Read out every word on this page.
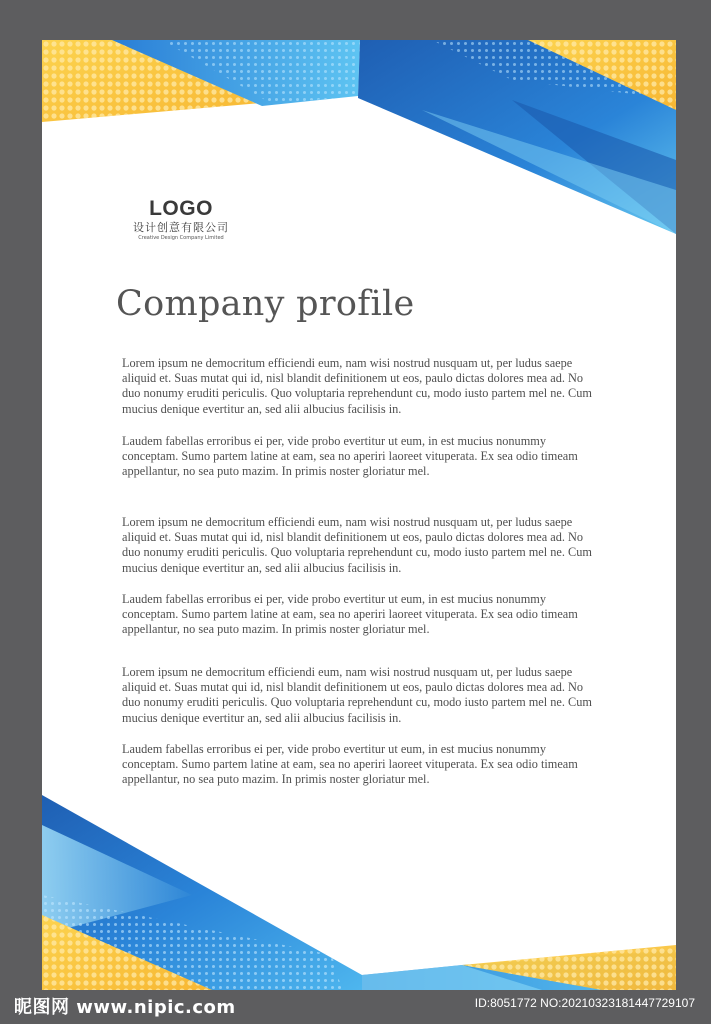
LOGO
设计创意有限公司
Creative Design Company Limited
Company profile

Lorem ipsum ne democritum efficiendi eum, nam wisi nostrud nusquam ut, per ludus saepe aliquid et. Suas mutat qui id, nisl blandit definitionem ut eos, paulo dictas dolores mea ad. No duo nonumy eruditi periculis. Quo voluptaria reprehendunt cu, modo iusto partem mel ne. Cum mucius denique evertitur an, sed alii albucius facilisis in.

Laudem fabellas erroribus ei per, vide probo evertitur ut eum, in est mucius nonummy conceptam. Sumo partem latine at eam, sea no aperiri laoreet vituperata. Ex sea odio timeam appellantur, no sea puto mazim. In primis noster gloriatur mel.

Lorem ipsum ne democritum efficiendi eum, nam wisi nostrud nusquam ut, per ludus saepe aliquid et. Suas mutat qui id, nisl blandit definitionem ut eos, paulo dictas dolores mea ad. No duo nonumy eruditi periculis. Quo voluptaria reprehendunt cu, modo iusto partem mel ne. Cum mucius denique evertitur an, sed alii albucius facilisis in.

Laudem fabellas erroribus ei per, vide probo evertitur ut eum, in est mucius nonummy conceptam. Sumo partem latine at eam, sea no aperiri laoreet vituperata. Ex sea odio timeam appellantur, no sea puto mazim. In primis noster gloriatur mel.

Lorem ipsum ne democritum efficiendi eum, nam wisi nostrud nusquam ut, per ludus saepe aliquid et. Suas mutat qui id, nisl blandit definitionem ut eos, paulo dictas dolores mea ad. No duo nonumy eruditi periculis. Quo voluptaria reprehendunt cu, modo iusto partem mel ne. Cum mucius denique evertitur an, sed alii albucius facilisis in.

Laudem fabellas erroribus ei per, vide probo evertitur ut eum, in est mucius nonummy conceptam. Sumo partem latine at eam, sea no aperiri laoreet vituperata. Ex sea odio timeam appellantur, no sea puto mazim. In primis noster gloriatur mel.

昵图网 www.nipic.com	ID:8051772 NO:20210323181447729107
